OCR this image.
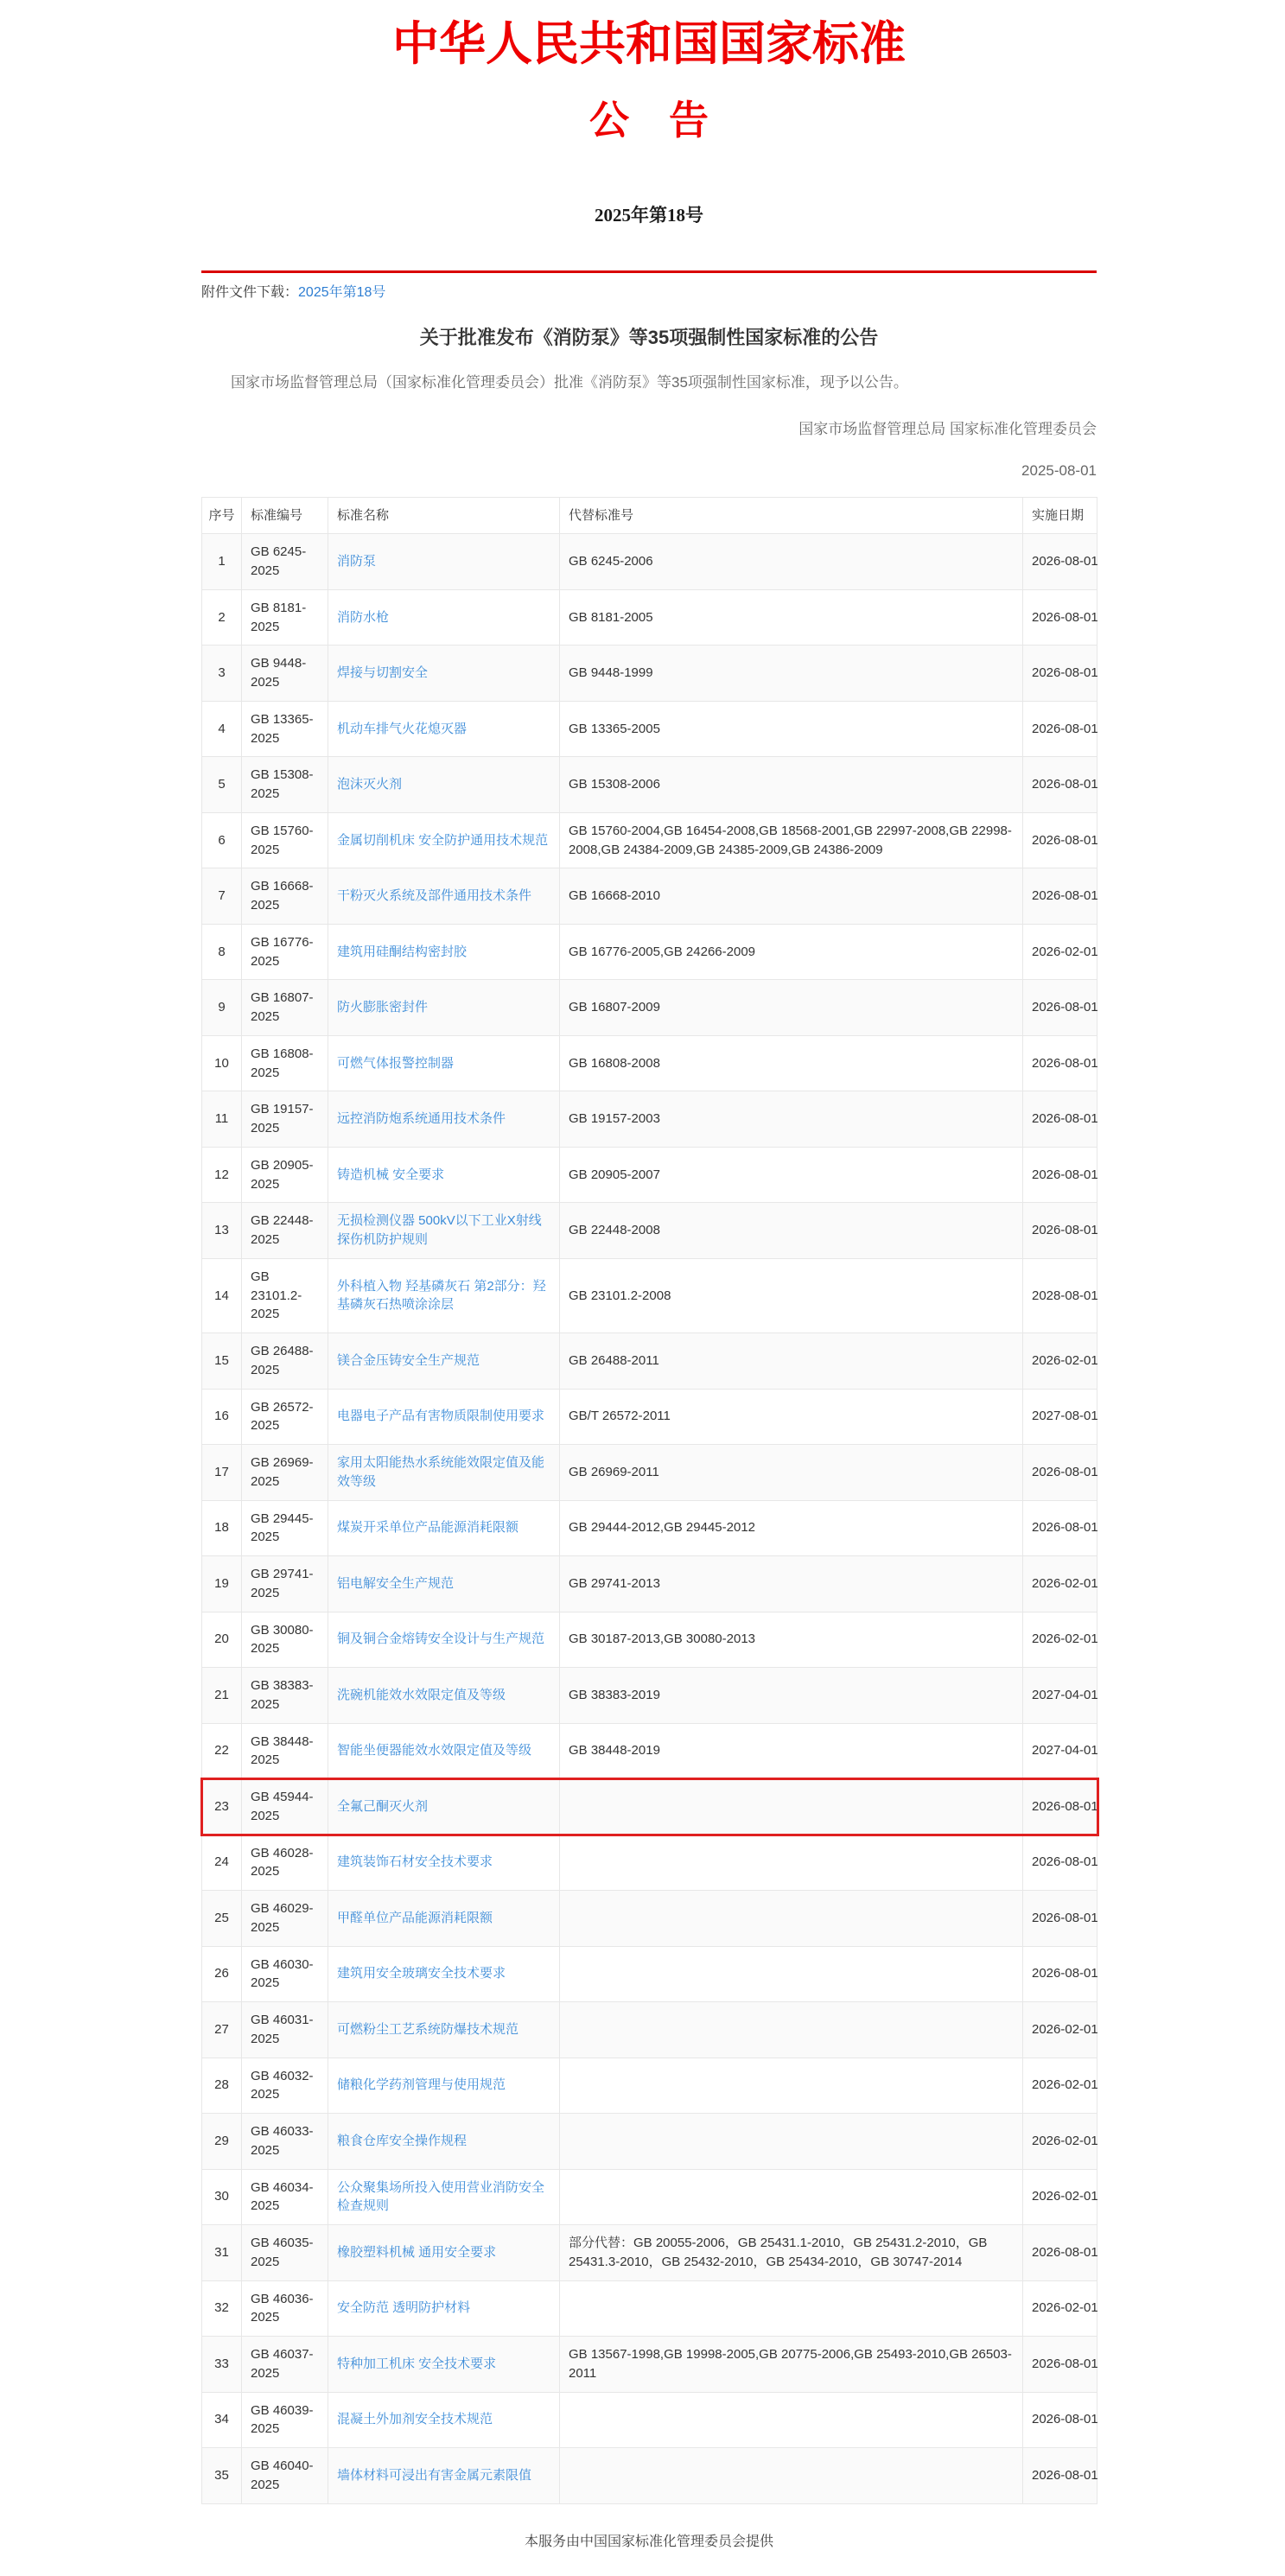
中华人民共和国国家标准
公　告
2025年第18号
附件文件下载：2025年第18号
关于批准发布《消防泵》等35项强制性国家标准的公告

国家市场监督管理总局（国家标准化管理委员会）批准《消防泵》等35项强制性国家标准，现予以公告。

国家市场监督管理总局 国家标准化管理委员会
2025-08-01
序号	标准编号	标准名称	代替标准号	实施日期
1	GB 6245-2025	消防泵	GB 6245-2006	2026-08-01
2	GB 8181-2025	消防水枪	GB 8181-2005	2026-08-01
3	GB 9448-2025	焊接与切割安全	GB 9448-1999	2026-08-01
4	GB 13365-2025	机动车排气火花熄灭器	GB 13365-2005	2026-08-01
5	GB 15308-2025	泡沫灭火剂	GB 15308-2006	2026-08-01
6	GB 15760-2025	金属切削机床 安全防护通用技术规范	GB 15760-2004,GB 16454-2008,GB 18568-2001,GB 22997-2008,GB 22998-2008,GB 24384-2009,GB 24385-2009,GB 24386-2009	2026-08-01
7	GB 16668-2025	干粉灭火系统及部件通用技术条件	GB 16668-2010	2026-08-01
8	GB 16776-2025	建筑用硅酮结构密封胶	GB 16776-2005,GB 24266-2009	2026-02-01
9	GB 16807-2025	防火膨胀密封件	GB 16807-2009	2026-08-01
10	GB 16808-2025	可燃气体报警控制器	GB 16808-2008	2026-08-01
11	GB 19157-2025	远控消防炮系统通用技术条件	GB 19157-2003	2026-08-01
12	GB 20905-2025	铸造机械 安全要求	GB 20905-2007	2026-08-01
13	GB 22448-2025	无损检测仪器 500kV以下工业X射线探伤机防护规则	GB 22448-2008	2026-08-01
14	GB 23101.2-2025	外科植入物 羟基磷灰石 第2部分：羟基磷灰石热喷涂涂层	GB 23101.2-2008	2028-08-01
15	GB 26488-2025	镁合金压铸安全生产规范	GB 26488-2011	2026-02-01
16	GB 26572-2025	电器电子产品有害物质限制使用要求	GB/T 26572-2011	2027-08-01
17	GB 26969-2025	家用太阳能热水系统能效限定值及能效等级	GB 26969-2011	2026-08-01
18	GB 29445-2025	煤炭开采单位产品能源消耗限额	GB 29444-2012,GB 29445-2012	2026-08-01
19	GB 29741-2025	铝电解安全生产规范	GB 29741-2013	2026-02-01
20	GB 30080-2025	铜及铜合金熔铸安全设计与生产规范	GB 30187-2013,GB 30080-2013	2026-02-01
21	GB 38383-2025	洗碗机能效水效限定值及等级	GB 38383-2019	2027-04-01
22	GB 38448-2025	智能坐便器能效水效限定值及等级	GB 38448-2019	2027-04-01
23	GB 45944-2025	全氟己酮灭火剂		2026-08-01
24	GB 46028-2025	建筑装饰石材安全技术要求		2026-08-01
25	GB 46029-2025	甲醛单位产品能源消耗限额		2026-08-01
26	GB 46030-2025	建筑用安全玻璃安全技术要求		2026-08-01
27	GB 46031-2025	可燃粉尘工艺系统防爆技术规范		2026-02-01
28	GB 46032-2025	储粮化学药剂管理与使用规范		2026-02-01
29	GB 46033-2025	粮食仓库安全操作规程		2026-02-01
30	GB 46034-2025	公众聚集场所投入使用营业消防安全检查规则		2026-02-01
31	GB 46035-2025	橡胶塑料机械 通用安全要求	部分代替：GB 20055-2006，GB 25431.1-2010，GB 25431.2-2010，GB 25431.3-2010，GB 25432-2010，GB 25434-2010，GB 30747-2014	2026-08-01
32	GB 46036-2025	安全防范 透明防护材料		2026-02-01
33	GB 46037-2025	特种加工机床 安全技术要求	GB 13567-1998,GB 19998-2005,GB 20775-2006,GB 25493-2010,GB 26503-2011	2026-08-01
34	GB 46039-2025	混凝土外加剂安全技术规范		2026-08-01
35	GB 46040-2025	墙体材料可浸出有害金属元素限值		2026-08-01
本服务由中国国家标准化管理委员会提供
